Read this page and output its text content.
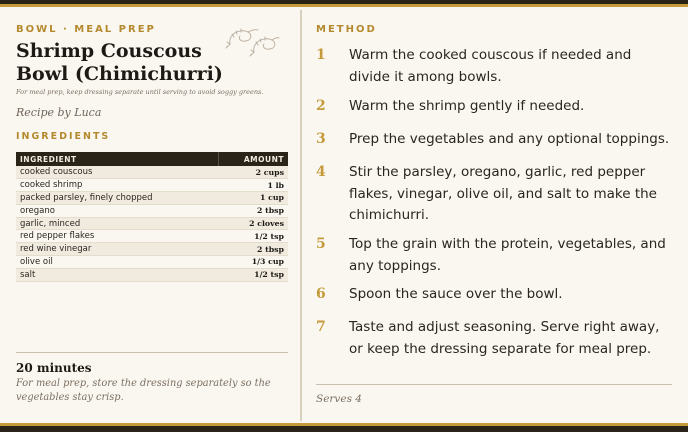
BOWL · MEAL PREP
Shrimp Couscous Bowl (Chimichurri)
For meal prep, keep dressing separate until serving to avoid soggy greens.
Recipe by Luca
INGREDIENTS
INGREDIENT	AMOUNT
cooked couscous	2 cups
cooked shrimp	1 lb
packed parsley, finely chopped	1 cup
oregano	2 tbsp
garlic, minced	2 cloves
red pepper flakes	1/2 tsp
red wine vinegar	2 tbsp
olive oil	1/3 cup
salt	1/2 tsp
20 minutes
For meal prep, store the dressing separately so the vegetables stay crisp.
METHOD
1 Warm the cooked couscous if needed and divide it among bowls.
2 Warm the shrimp gently if needed.
3 Prep the vegetables and any optional toppings.
4 Stir the parsley, oregano, garlic, red pepper flakes, vinegar, olive oil, and salt to make the chimichurri.
5 Top the grain with the protein, vegetables, and any toppings.
6 Spoon the sauce over the bowl.
7 Taste and adjust seasoning. Serve right away, or keep the dressing separate for meal prep.
Serves 4
